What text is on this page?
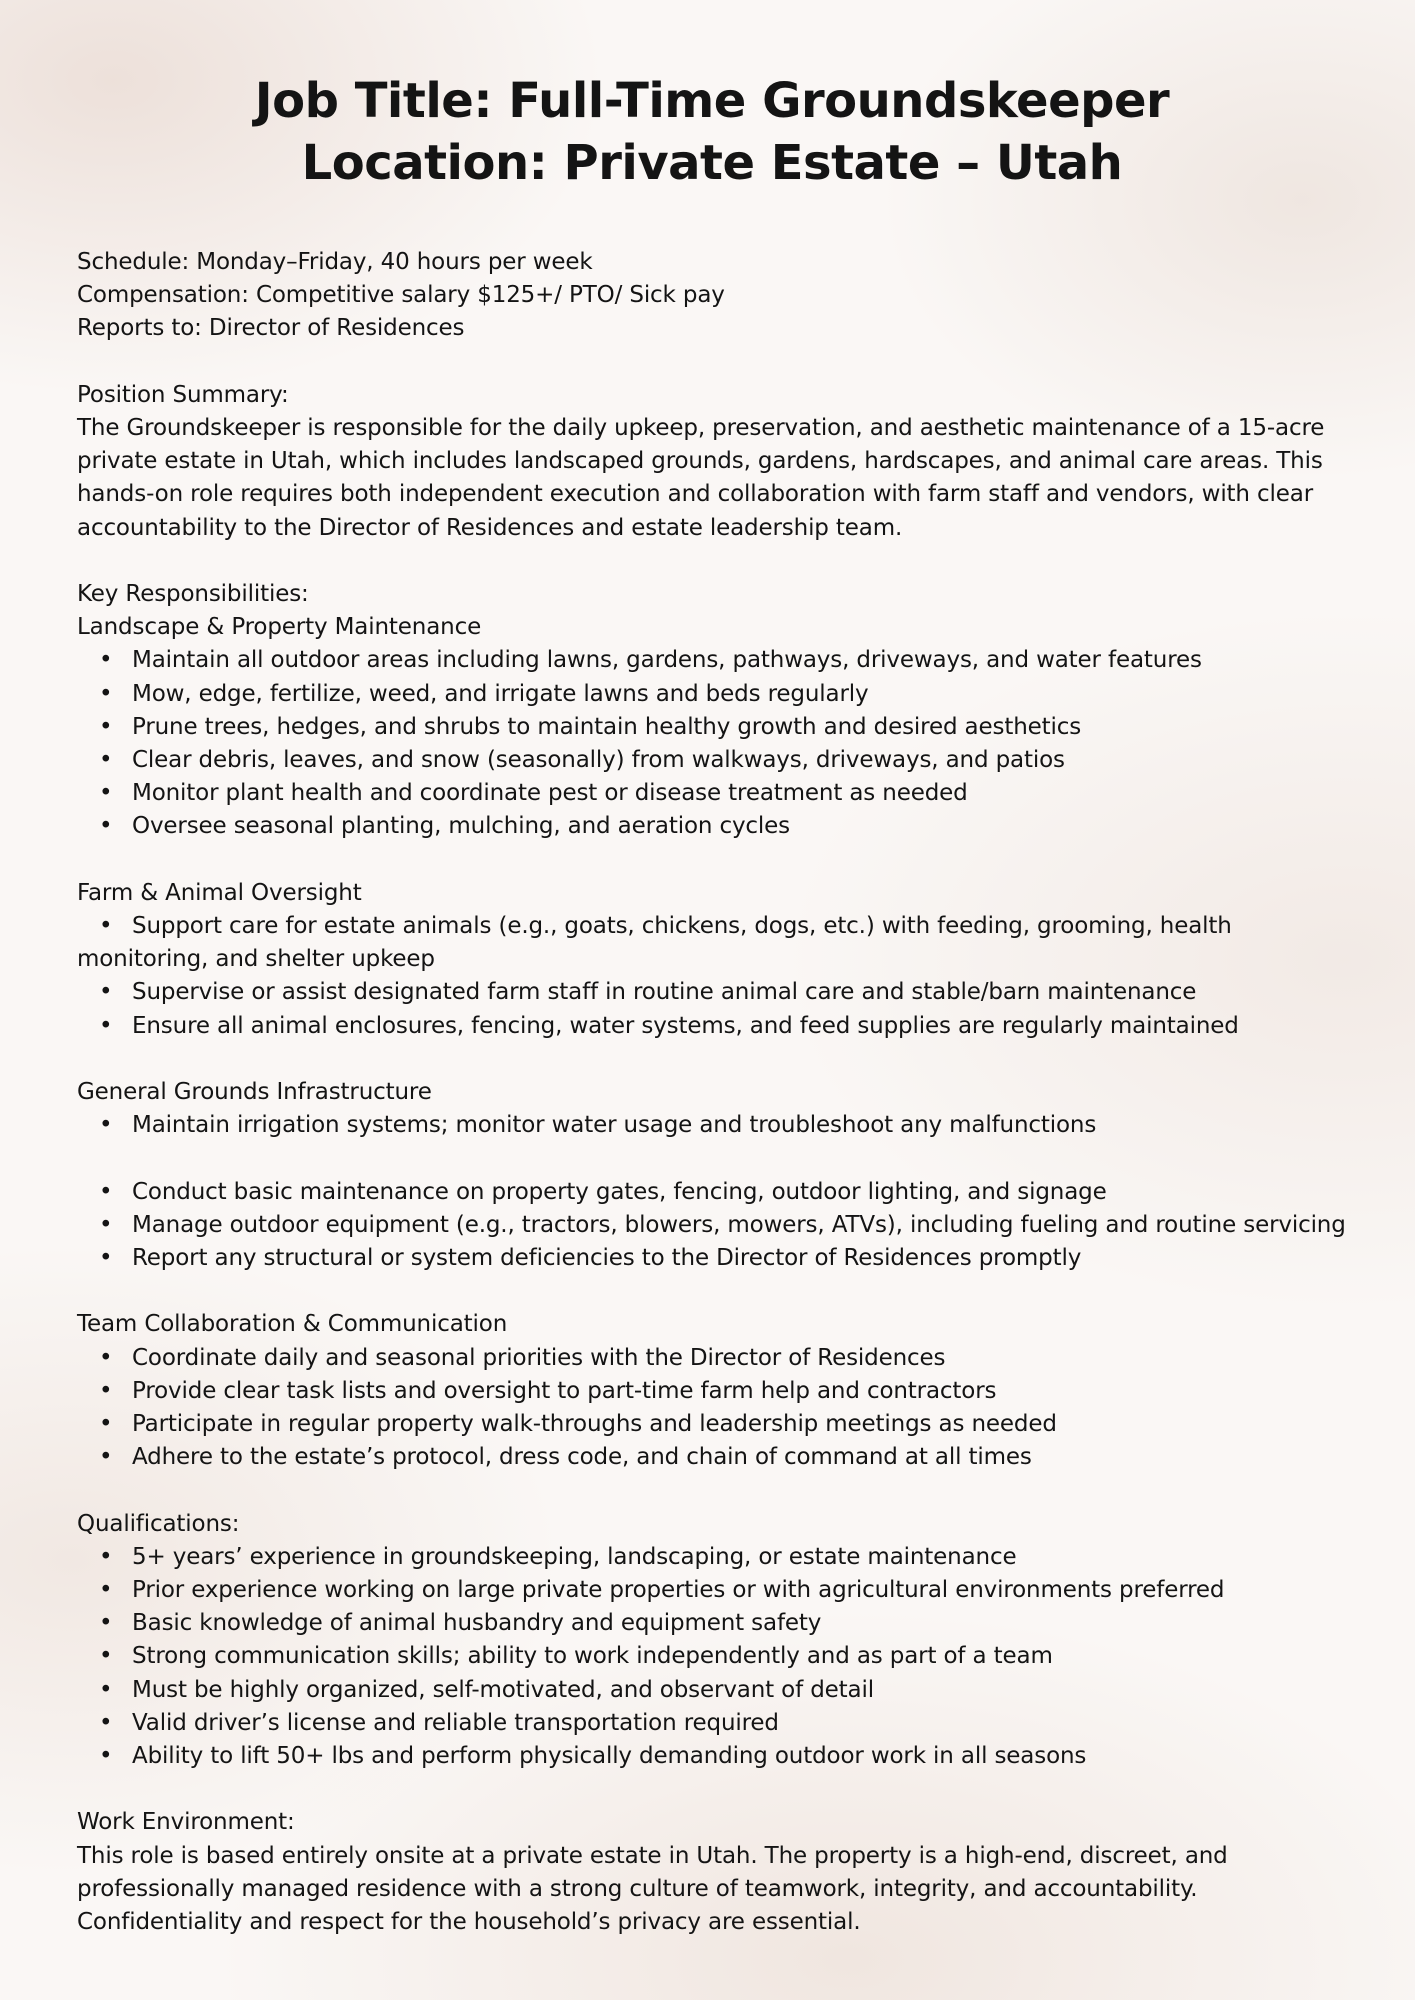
Job Title: Full-Time Groundskeeper
Location: Private Estate – Utah
Schedule: Monday–Friday, 40 hours per week
Compensation: Competitive salary $125+/ PTO/ Sick pay
Reports to: Director of Residences
Position Summary:
The Groundskeeper is responsible for the daily upkeep, preservation, and aesthetic maintenance of a 15-acre private estate in Utah, which includes landscaped grounds, gardens, hardscapes, and animal care areas. This hands-on role requires both independent execution and collaboration with farm staff and vendors, with clear accountability to the Director of Residences and estate leadership team.
Key Responsibilities:
Landscape & Property Maintenance
• Maintain all outdoor areas including lawns, gardens, pathways, driveways, and water features
• Mow, edge, fertilize, weed, and irrigate lawns and beds regularly
• Prune trees, hedges, and shrubs to maintain healthy growth and desired aesthetics
• Clear debris, leaves, and snow (seasonally) from walkways, driveways, and patios
• Monitor plant health and coordinate pest or disease treatment as needed
• Oversee seasonal planting, mulching, and aeration cycles
Farm & Animal Oversight
• Support care for estate animals (e.g., goats, chickens, dogs, etc.) with feeding, grooming, health monitoring, and shelter upkeep
• Supervise or assist designated farm staff in routine animal care and stable/barn maintenance
• Ensure all animal enclosures, fencing, water systems, and feed supplies are regularly maintained
General Grounds Infrastructure
• Maintain irrigation systems; monitor water usage and troubleshoot any malfunctions
• Conduct basic maintenance on property gates, fencing, outdoor lighting, and signage
• Manage outdoor equipment (e.g., tractors, blowers, mowers, ATVs), including fueling and routine servicing
• Report any structural or system deficiencies to the Director of Residences promptly
Team Collaboration & Communication
• Coordinate daily and seasonal priorities with the Director of Residences
• Provide clear task lists and oversight to part-time farm help and contractors
• Participate in regular property walk-throughs and leadership meetings as needed
• Adhere to the estate’s protocol, dress code, and chain of command at all times
Qualifications:
• 5+ years’ experience in groundskeeping, landscaping, or estate maintenance
• Prior experience working on large private properties or with agricultural environments preferred
• Basic knowledge of animal husbandry and equipment safety
• Strong communication skills; ability to work independently and as part of a team
• Must be highly organized, self-motivated, and observant of detail
• Valid driver’s license and reliable transportation required
• Ability to lift 50+ lbs and perform physically demanding outdoor work in all seasons
Work Environment:
This role is based entirely onsite at a private estate in Utah. The property is a high-end, discreet, and professionally managed residence with a strong culture of teamwork, integrity, and accountability. Confidentiality and respect for the household’s privacy are essential.
